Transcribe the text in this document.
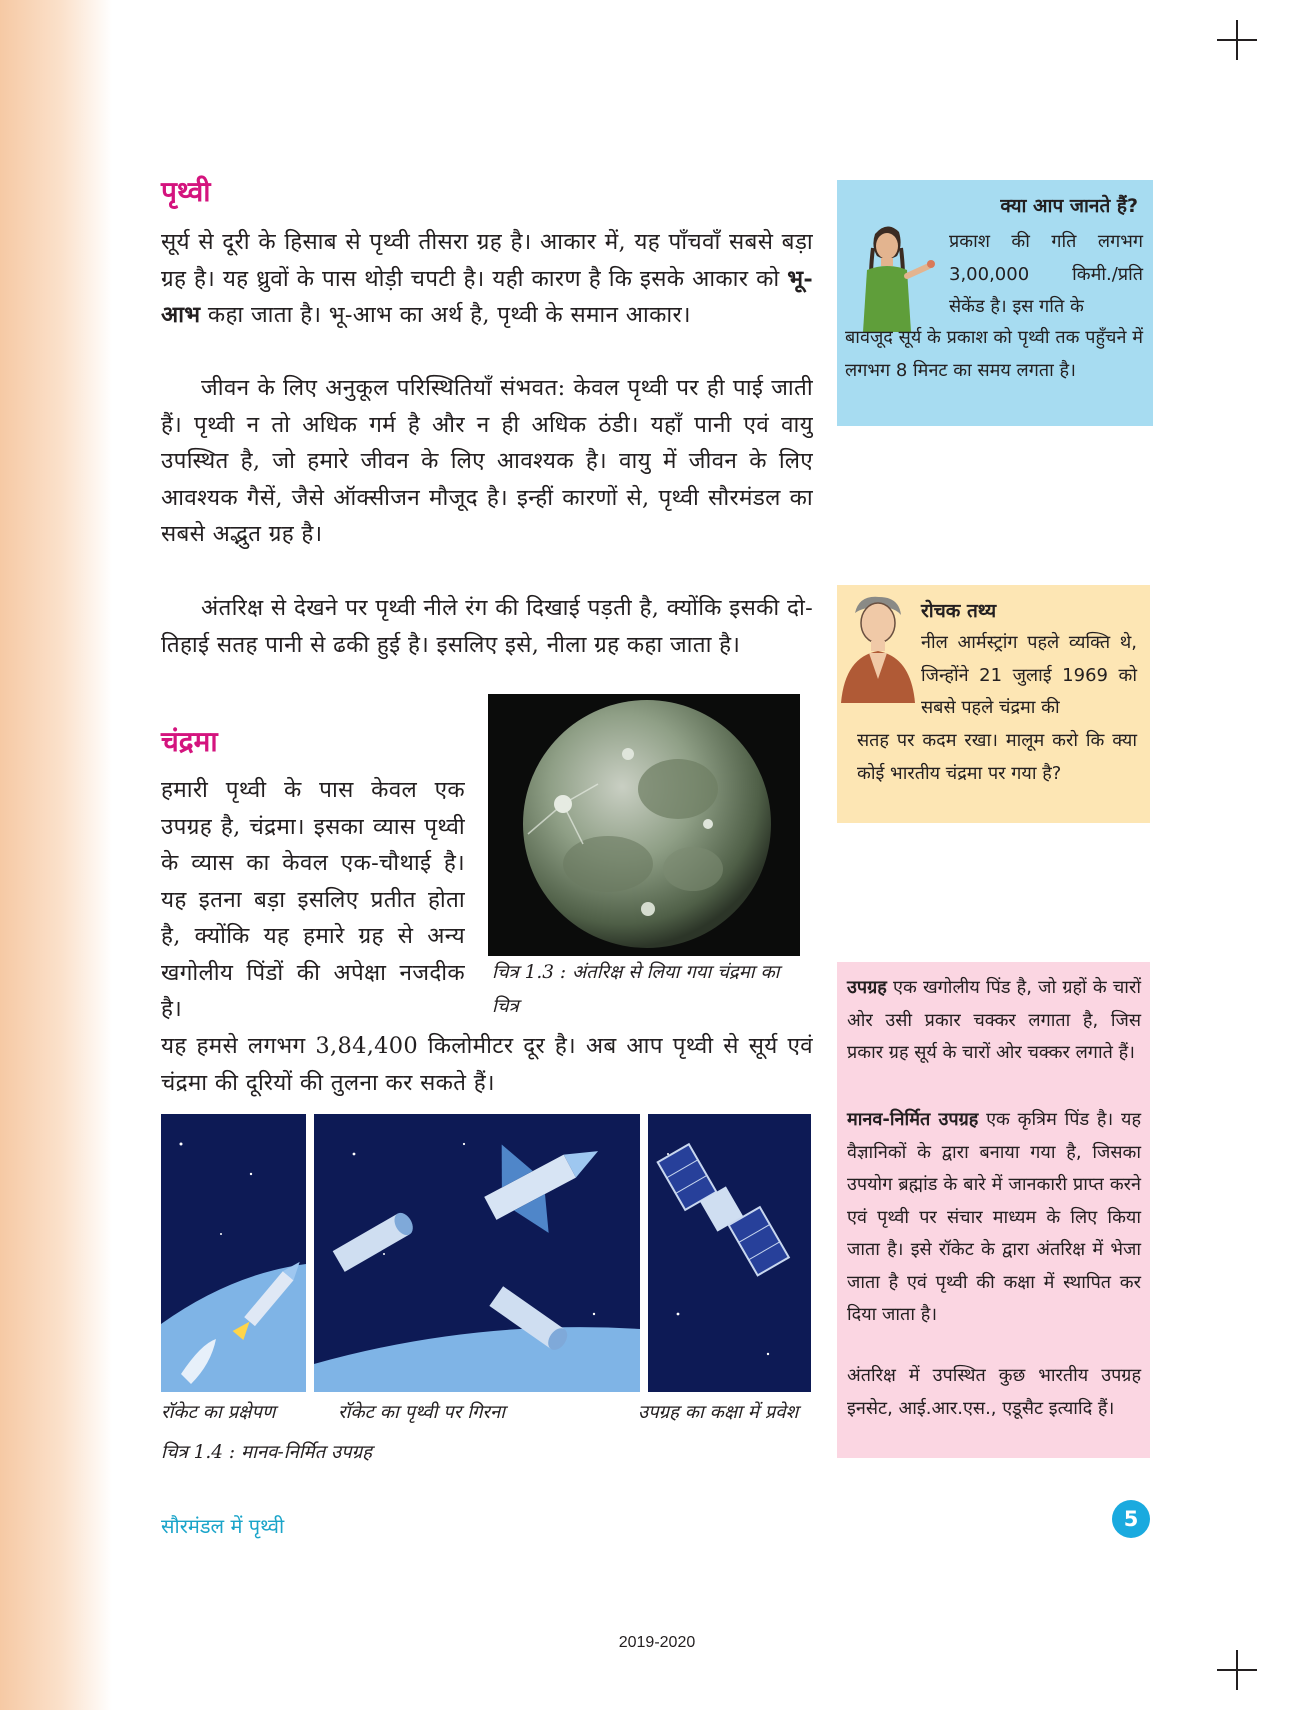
पृथ्वी

सूर्य से दूरी के हिसाब से पृथ्वी तीसरा ग्रह है। आकार में, यह पाँचवाँ सबसे बड़ा ग्रह है। यह ध्रुवों के पास थोड़ी चपटी है। यही कारण है कि इसके आकार को भू-आभ कहा जाता है। भू-आभ का अर्थ है, पृथ्वी के समान आकार।

जीवन के लिए अनुकूल परिस्थितियाँ संभवत: केवल पृथ्वी पर ही पाई जाती हैं। पृथ्वी न तो अधिक गर्म है और न ही अधिक ठंडी। यहाँ पानी एवं वायु उपस्थित है, जो हमारे जीवन के लिए आवश्यक है। वायु में जीवन के लिए आवश्यक गैसें, जैसे ऑक्सीजन मौजूद है। इन्हीं कारणों से, पृथ्वी सौरमंडल का सबसे अद्भुत ग्रह है।

अंतरिक्ष से देखने पर पृथ्वी नीले रंग की दिखाई पड़ती है, क्योंकि इसकी दो-तिहाई सतह पानी से ढकी हुई है। इसलिए इसे, नीला ग्रह कहा जाता है।

चंद्रमा

हमारी पृथ्वी के पास केवल एक उपग्रह है, चंद्रमा। इसका व्यास पृथ्वी के व्यास का केवल एक-चौथाई है। यह इतना बड़ा इसलिए प्रतीत होता है, क्योंकि यह हमारे ग्रह से अन्य खगोलीय पिंडों की अपेक्षा नजदीक है।

चित्र 1.3 : अंतरिक्ष से लिया गया चंद्रमा का चित्र

यह हमसे लगभग 3,84,400 किलोमीटर दूर है। अब आप पृथ्वी से सूर्य एवं चंद्रमा की दूरियों की तुलना कर सकते हैं।

रॉकेट का प्रक्षेपण	रॉकेट का पृथ्वी पर गिरना	उपग्रह का कक्षा में प्रवेश

चित्र 1.4 : मानव-निर्मित उपग्रह

क्या आप जानते हैं?

प्रकाश की गति लगभग 3,00,000 किमी./प्रति सेकेंड है। इस गति के

बावजूद सूर्य के प्रकाश को पृथ्वी तक पहुँचने में लगभग 8 मिनट का समय लगता है।

रोचक तथ्य

नील आर्मस्ट्रांग पहले व्यक्ति थे, जिन्होंने 21 जुलाई 1969 को सबसे पहले चंद्रमा की

सतह पर कदम रखा। मालूम करो कि क्या कोई भारतीय चंद्रमा पर गया है?

उपग्रह एक खगोलीय पिंड है, जो ग्रहों के चारों ओर उसी प्रकार चक्कर लगाता है, जिस प्रकार ग्रह सूर्य के चारों ओर चक्कर लगाते हैं।

मानव-निर्मित उपग्रह एक कृत्रिम पिंड है। यह वैज्ञानिकों के द्वारा बनाया गया है, जिसका उपयोग ब्रह्मांड के बारे में जानकारी प्राप्त करने एवं पृथ्वी पर संचार माध्यम के लिए किया जाता है। इसे रॉकेट के द्वारा अंतरिक्ष में भेजा जाता है एवं पृथ्वी की कक्षा में स्थापित कर दिया जाता है।

अंतरिक्ष में उपस्थित कुछ भारतीय उपग्रह इनसेट, आई.आर.एस., एडूसैट इत्यादि हैं।

सौरमंडल में पृथ्वी	5

2019-2020
